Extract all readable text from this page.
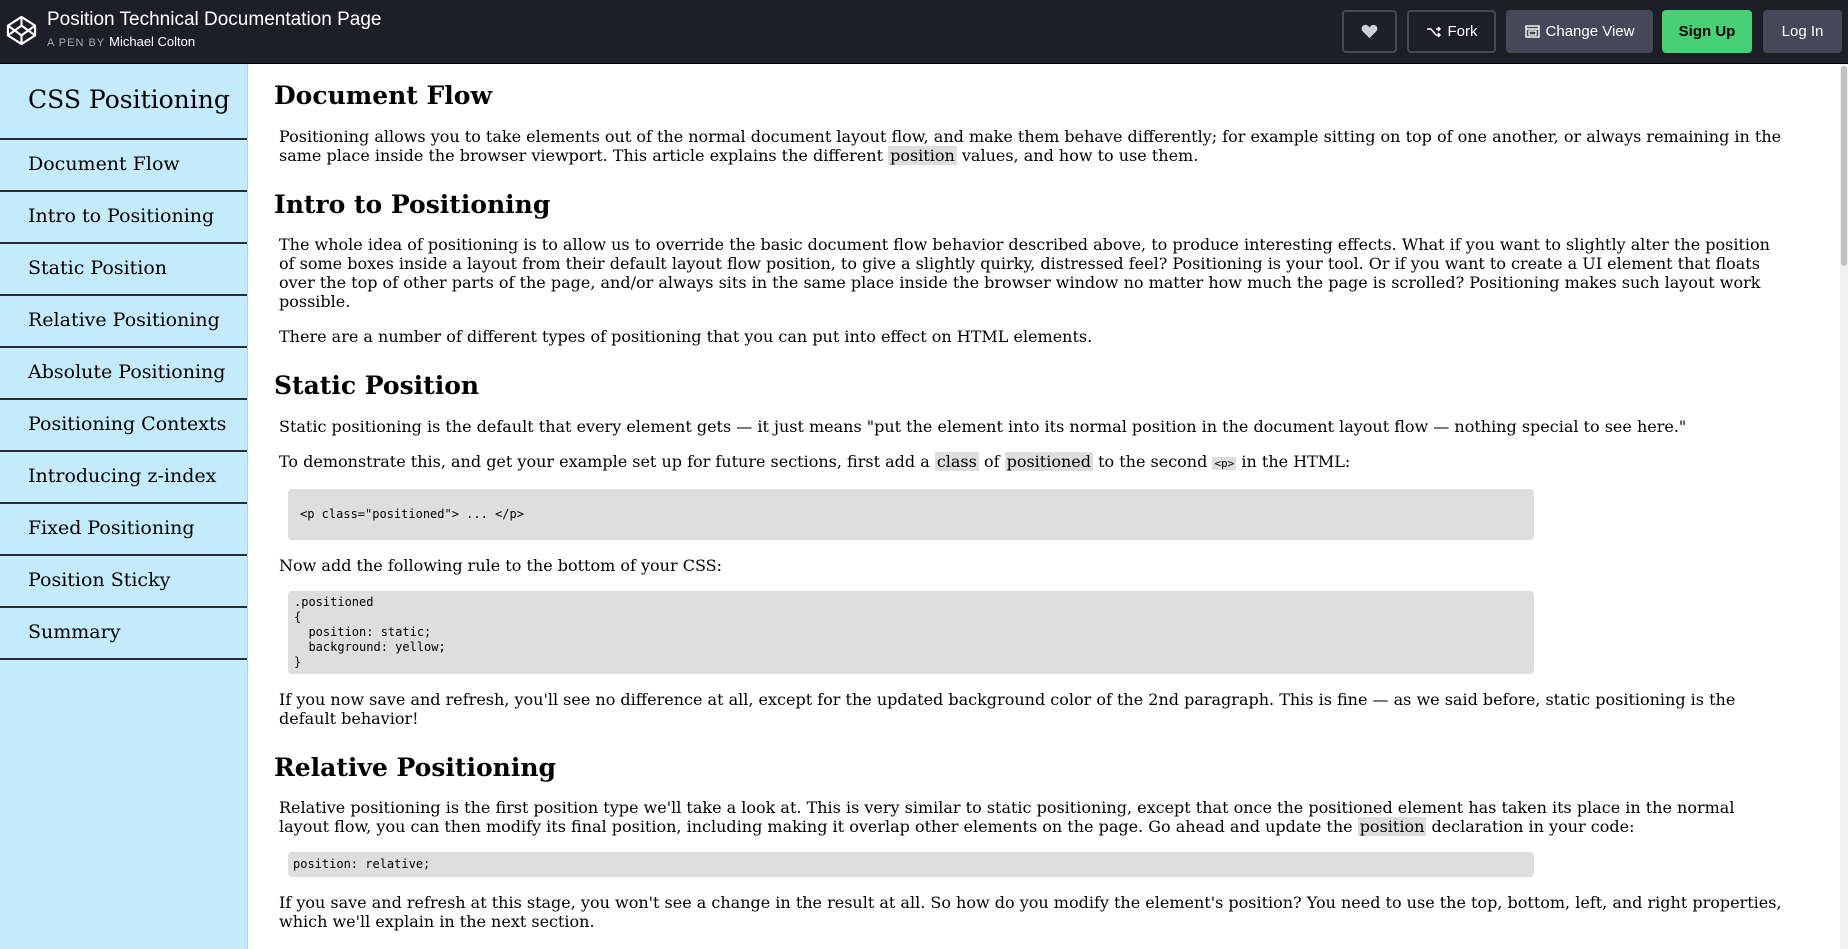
Position Technical Documentation Page
A PEN BY Michael Colton
Fork	Change View	Sign Up	Log In
CSS Positioning
Document Flow
Intro to Positioning
Static Position
Relative Positioning
Absolute Positioning
Positioning Contexts
Introducing z-index
Fixed Positioning
Position Sticky
Summary
Document Flow

Positioning allows you to take elements out of the normal document layout flow, and make them behave differently; for example sitting on top of one another, or always remaining in the same place inside the browser viewport. This article explains the different position values, and how to use them.

Intro to Positioning

The whole idea of positioning is to allow us to override the basic document flow behavior described above, to produce interesting effects. What if you want to slightly alter the position of some boxes inside a layout from their default layout flow position, to give a slightly quirky, distressed feel? Positioning is your tool. Or if you want to create a UI element that floats over the top of other parts of the page, and/or always sits in the same place inside the browser window no matter how much the page is scrolled? Positioning makes such layout work possible.

There are a number of different types of positioning that you can put into effect on HTML elements.

Static Position

Static positioning is the default that every element gets — it just means "put the element into its normal position in the document layout flow — nothing special to see here."

To demonstrate this, and get your example set up for future sections, first add a class of positioned to the second <p> in the HTML:

<p class="positioned"> ... </p>

Now add the following rule to the bottom of your CSS:

.positioned
{
position: static;
background: yellow;
}

If you now save and refresh, you'll see no difference at all, except for the updated background color of the 2nd paragraph. This is fine — as we said before, static positioning is the default behavior!

Relative Positioning

Relative positioning is the first position type we'll take a look at. This is very similar to static positioning, except that once the positioned element has taken its place in the normal layout flow, you can then modify its final position, including making it overlap other elements on the page. Go ahead and update the position declaration in your code:

position: relative;

If you save and refresh at this stage, you won't see a change in the result at all. So how do you modify the element's position? You need to use the top, bottom, left, and right properties, which we'll explain in the next section.
